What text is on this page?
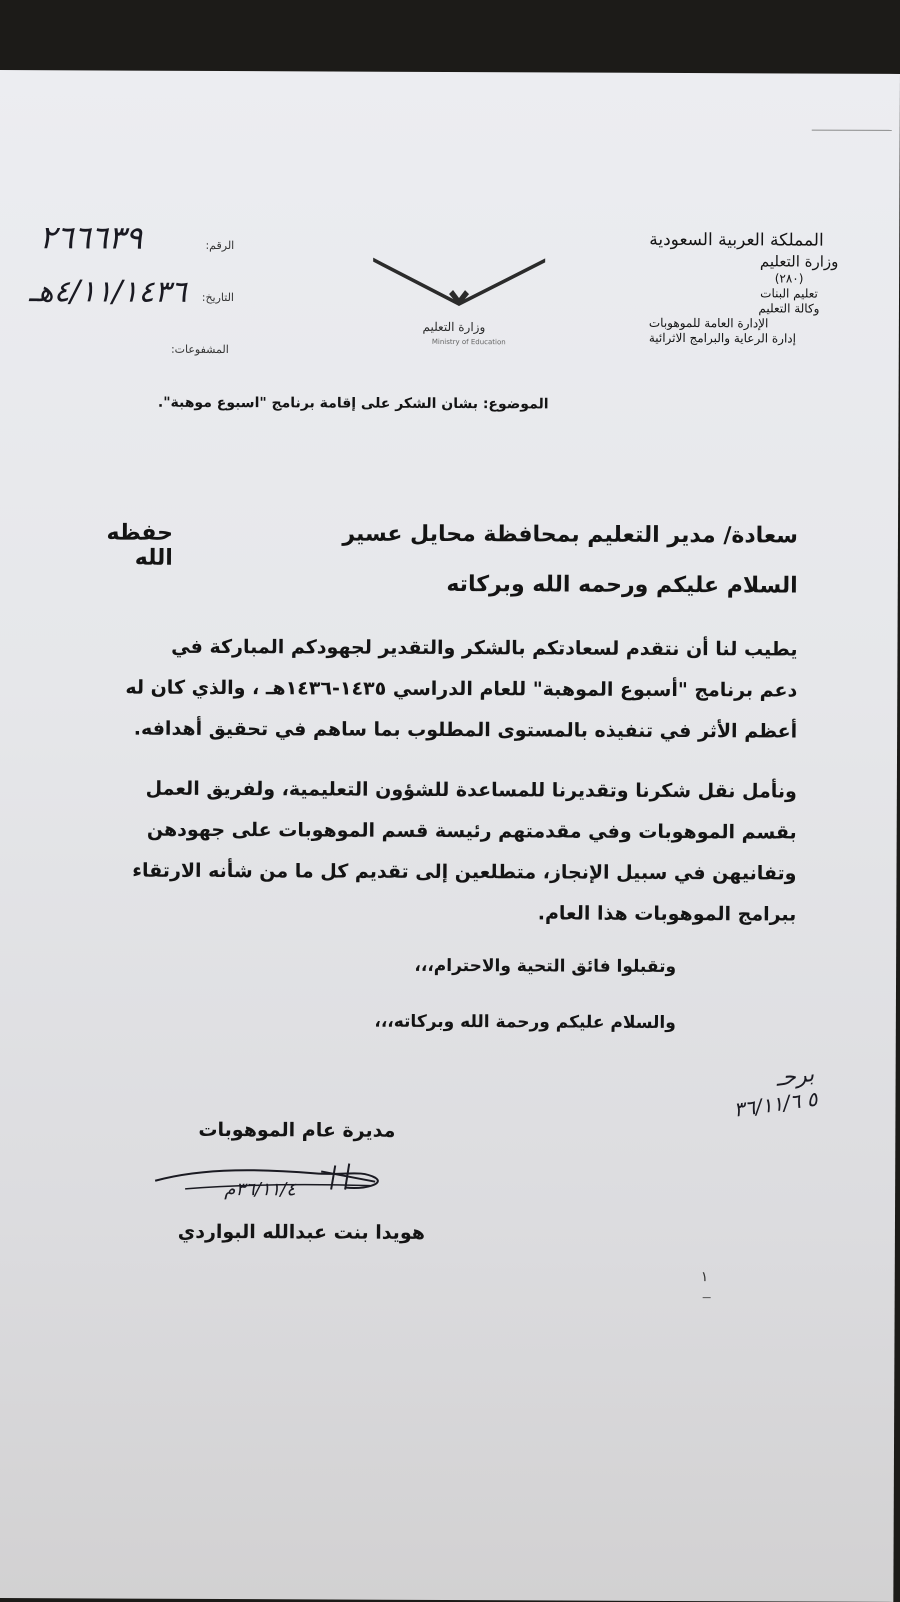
المملكة العربية السعودية
وزارة التعليم
(٢٨٠)
تعليم البنات
وكالة التعليم
الإدارة العامة للموهوبات
إدارة الرعاية والبرامج الاثرائية
وزارة التعليم
Ministry of Education
الرقم:
٢٦٦٦٣٩
التاريخ:
٤/١١/١٤٣٦هـ
المشفوعات:
الموضوع: بشان الشكر على إقامة برنامج "اسبوع موهبة".
سعادة/ مدير التعليم بمحافظة محايل عسير
حفظه الله
السلام عليكم ورحمه الله وبركاته
يطيب لنا أن نتقدم لسعادتكم بالشكر والتقدير لجهودكم المباركة في
دعم برنامج "أسبوع الموهبة" للعام الدراسي ١٤٣٥-١٤٣٦هـ ، والذي كان له
أعظم الأثر في تنفيذه بالمستوى المطلوب بما ساهم في تحقيق أهدافه.
ونأمل نقل شكرنا وتقديرنا للمساعدة للشؤون التعليمية، ولفريق العمل
بقسم الموهوبات وفي مقدمتهم رئيسة قسم الموهوبات على جهودهن
وتفانيهن في سبيل الإنجاز، متطلعين إلى تقديم كل ما من شأنه الارتقاء
ببرامج الموهوبات هذا العام.
وتقبلوا فائق التحية والاحترام،،،
والسلام عليكم ورحمة الله وبركاته،،،
برحـ
٥ ٣٦/١١/٦
مديرة عام الموهوبات
٣٦/١١/٤م
هويدا بنت عبدالله البواردي
١
